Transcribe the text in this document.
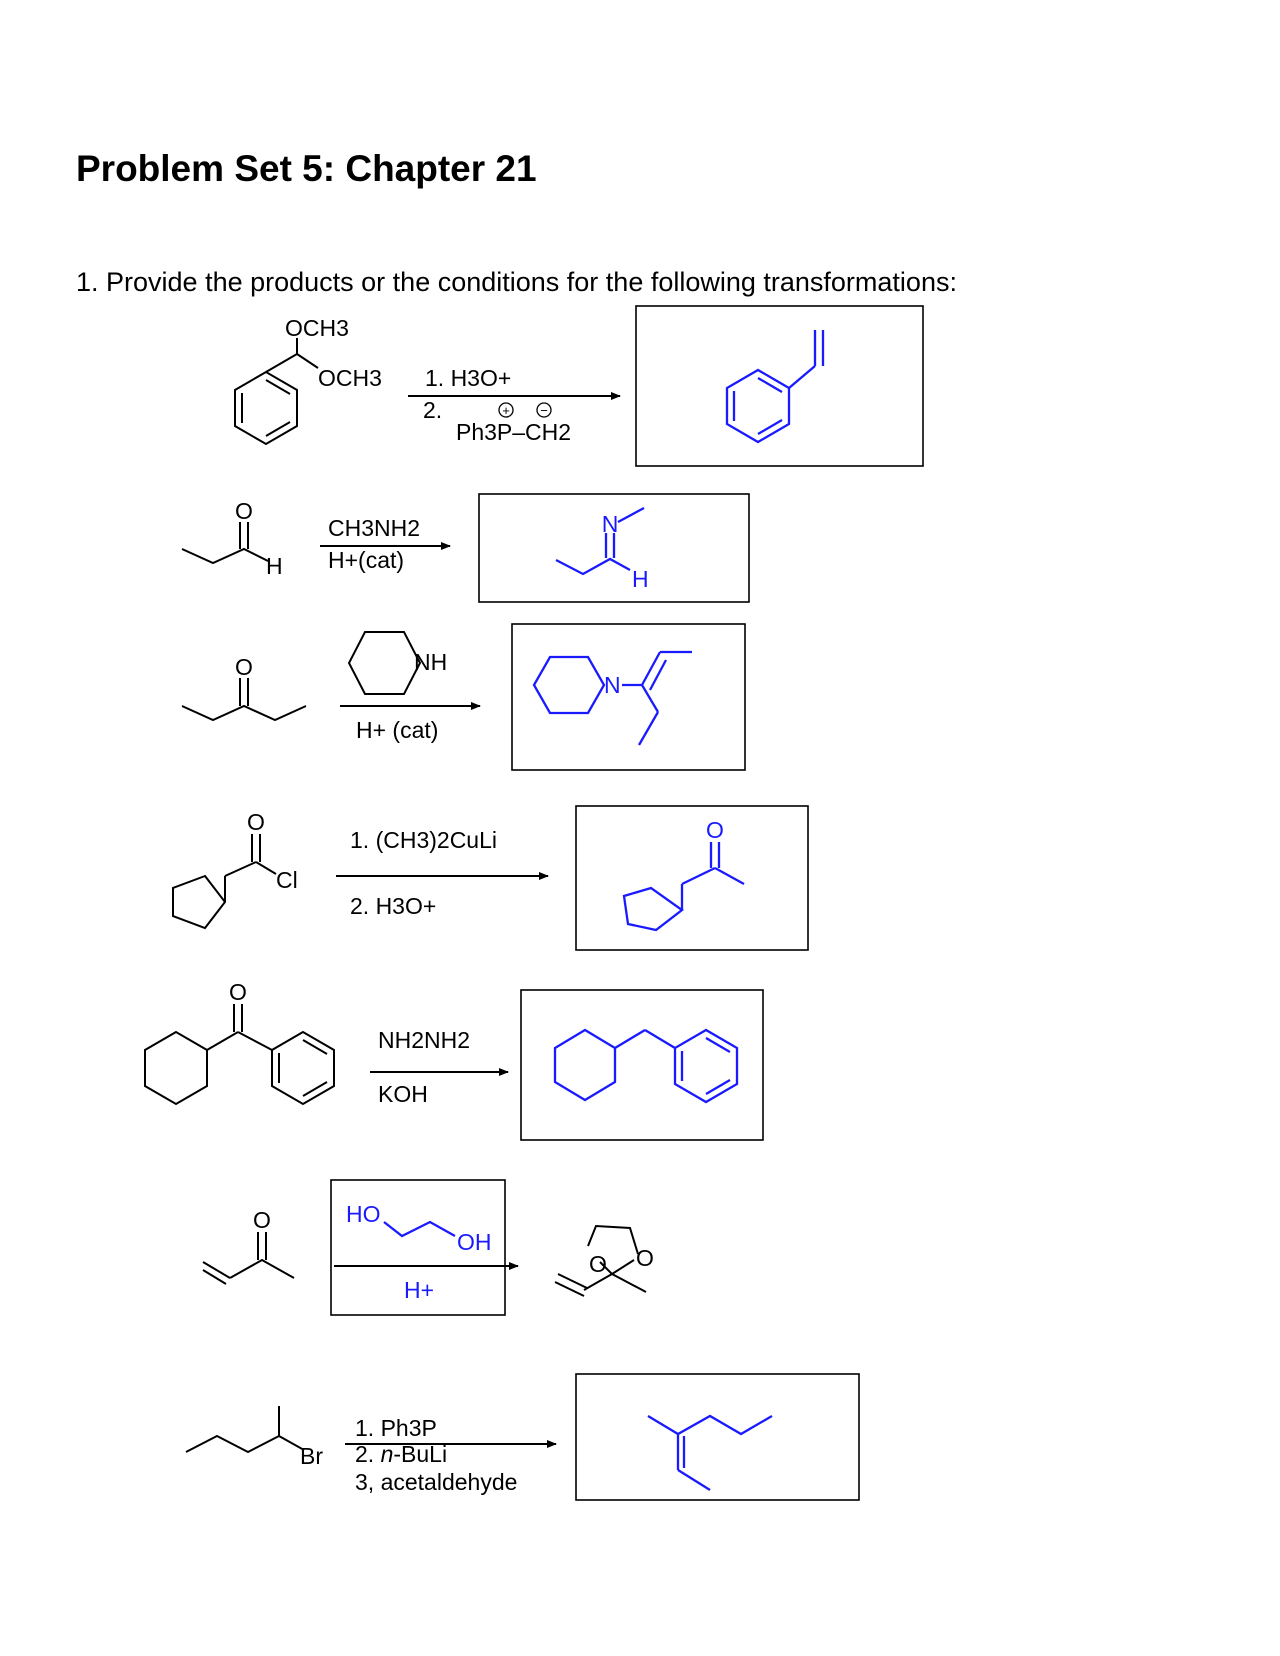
Problem Set 5: Chapter 21
1. Provide the products or the conditions for the following transformations:
OCH3
OCH3 1. H3O+
2.	+ −
Ph3P–CH2
O
H
CH3NH2
H+(cat)
N
H
O	NH
H+ (cat)
N
O
Cl
1. (CH3)2CuLi
2. H3O+
O
O
NH2NH2
KOH
O	HO
OH
H+
O O
Br
1. Ph3P
2. n-BuLi
3, acetaldehyde
